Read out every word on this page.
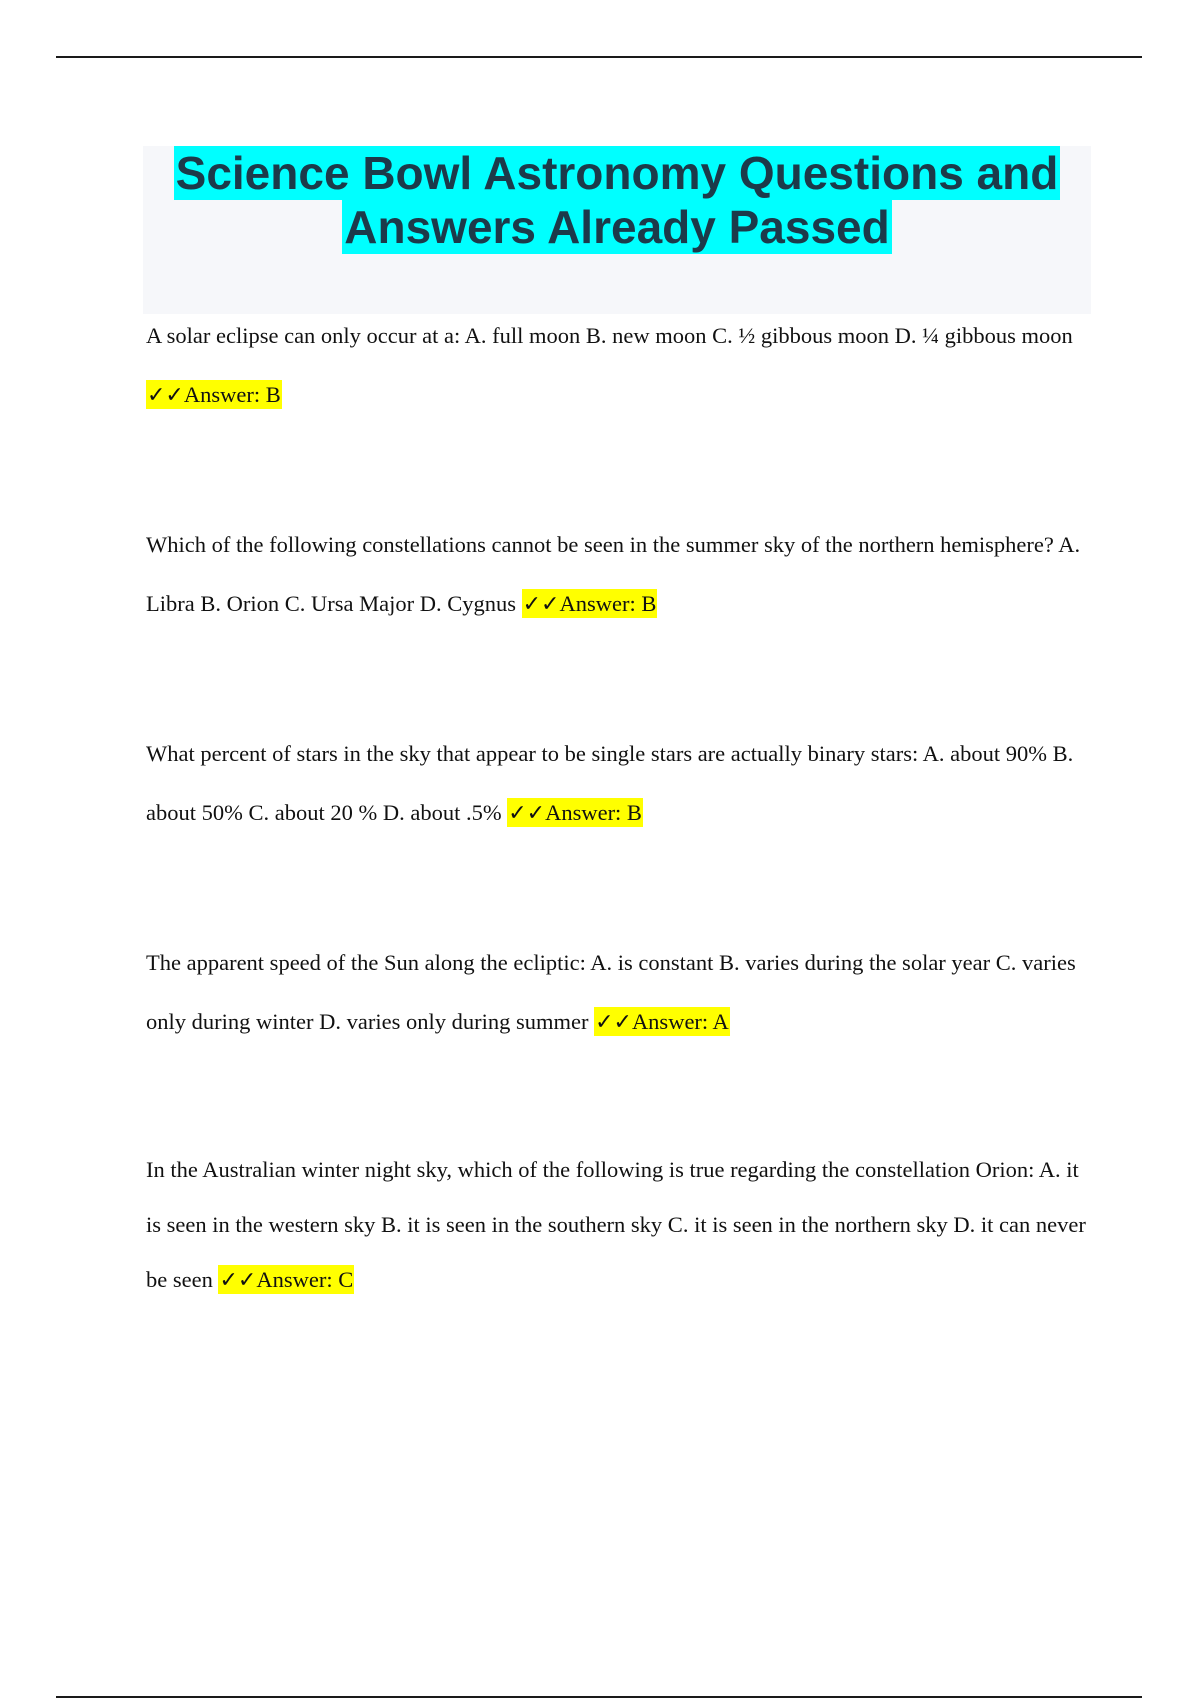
Science Bowl Astronomy Questions and
Answers Already Passed

A solar eclipse can only occur at a: A. full moon B. new moon C. ½ gibbous moon D. ¼ gibbous moon ✓✓Answer: B

Which of the following constellations cannot be seen in the summer sky of the northern hemisphere? A. Libra B. Orion C. Ursa Major D. Cygnus ✓✓Answer: B

What percent of stars in the sky that appear to be single stars are actually binary stars: A. about 90% B. about 50% C. about 20 % D. about .5% ✓✓Answer: B

The apparent speed of the Sun along the ecliptic: A. is constant B. varies during the solar year C. varies only during winter D. varies only during summer ✓✓Answer: A

In the Australian winter night sky, which of the following is true regarding the constellation Orion: A. it is seen in the western sky B. it is seen in the southern sky C. it is seen in the northern sky D. it can never be seen ✓✓Answer: C
